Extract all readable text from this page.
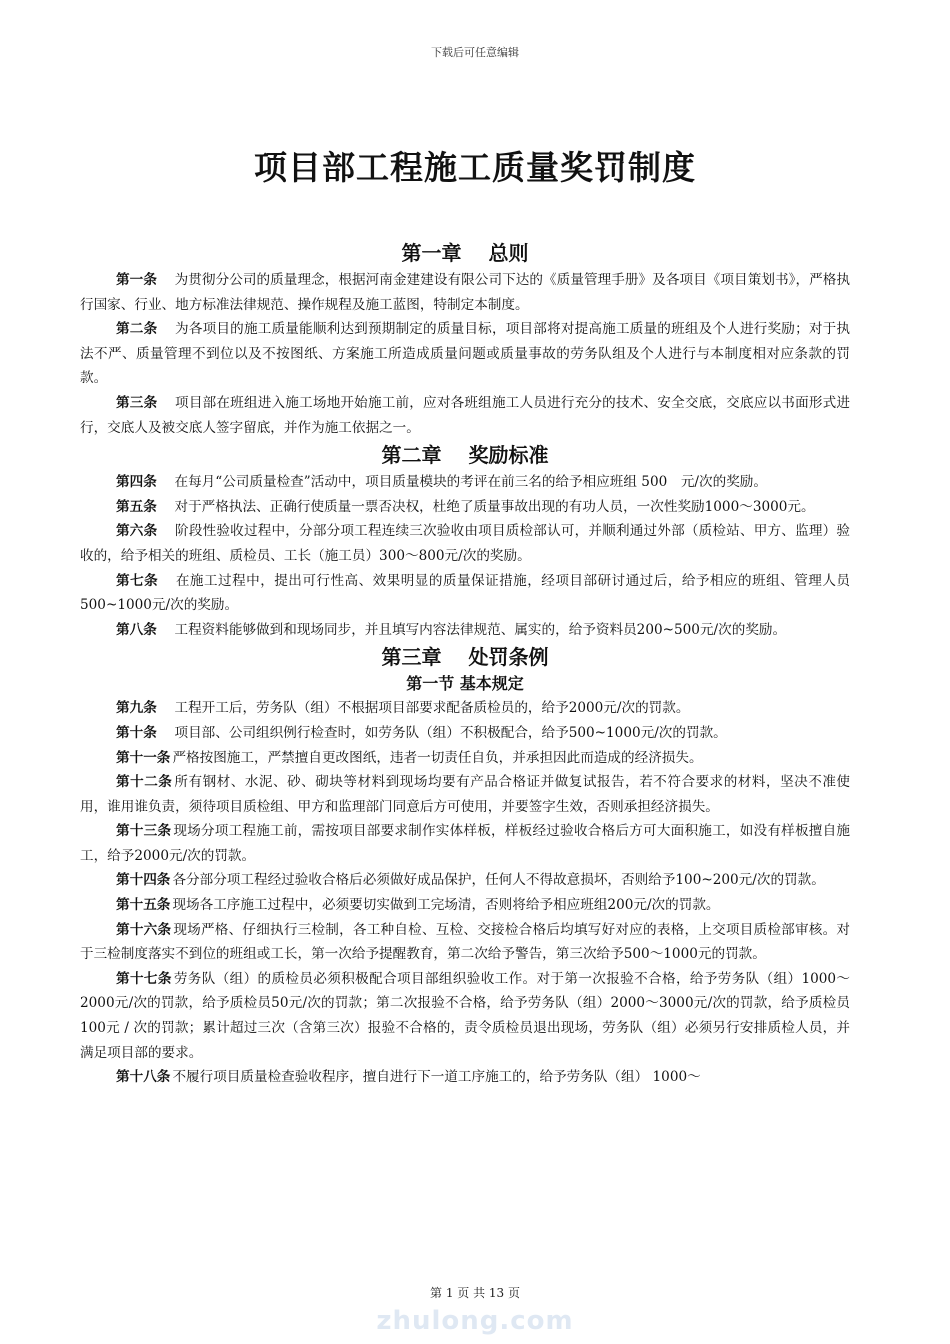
下载后可任意编辑
项目部工程施工质量奖罚制度
第一章　 总则

第一条 为贯彻分公司的质量理念，根据河南金建建设有限公司下达的《质量管理手册》及各项目《项目策划书》，严格执行国家、行业、地方标准法律规范、操作规程及施工蓝图，特制定本制度。

第二条 为各项目的施工质量能顺利达到预期制定的质量目标，项目部将对提高施工质量的班组及个人进行奖励；对于执法不严、质量管理不到位以及不按图纸、方案施工所造成质量问题或质量事故的劳务队组及个人进行与本制度相对应条款的罚款。

第三条 项目部在班组进入施工场地开始施工前，应对各班组施工人员进行充分的技术、安全交底，交底应以书面形式进行，交底人及被交底人签字留底，并作为施工依据之一。

第二章　 奖励标准

第四条 在每月“公司质量检查”活动中，项目质量模块的考评在前三名的给予相应班组 500　元/次的奖励。

第五条 对于严格执法、正确行使质量一票否决权，杜绝了质量事故出现的有功人员，一次性奖励1000～3000元。

第六条 阶段性验收过程中，分部分项工程连续三次验收由项目质检部认可，并顺利通过外部（质检站、甲方、监理）验收的，给予相关的班组、质检员、工长（施工员）300～800元/次的奖励。

第七条 在施工过程中，提出可行性高、效果明显的质量保证措施，经项目部研讨通过后，给予相应的班组、管理人员500~1000元/次的奖励。

第八条 工程资料能够做到和现场同步，并且填写内容法律规范、属实的，给予资料员200~500元/次的奖励。

第三章　 处罚条例
第一节 基本规定

第九条 工程开工后，劳务队（组）不根据项目部要求配备质检员的，给予2000元/次的罚款。

第十条 项目部、公司组织例行检查时，如劳务队（组）不积极配合，给予500~1000元/次的罚款。

第十一条 严格按图施工，严禁擅自更改图纸，违者一切责任自负，并承担因此而造成的经济损失。

第十二条 所有钢材、水泥、砂、砌块等材料到现场均要有产品合格证并做复试报告，若不符合要求的材料，坚决不准使用，谁用谁负责，须待项目质检组、甲方和监理部门同意后方可使用，并要签字生效，否则承担经济损失。

第十三条 现场分项工程施工前，需按项目部要求制作实体样板，样板经过验收合格后方可大面积施工，如没有样板擅自施工，给予2000元/次的罚款。

第十四条 各分部分项工程经过验收合格后必须做好成品保护，任何人不得故意损坏，否则给予100~200元/次的罚款。

第十五条 现场各工序施工过程中，必须要切实做到工完场清，否则将给予相应班组200元/次的罚款。

第十六条 现场严格、仔细执行三检制，各工种自检、互检、交接检合格后均填写好对应的表格，上交项目质检部审核。对于三检制度落实不到位的班组或工长，第一次给予提醒教育，第二次给予警告，第三次给予500～1000元的罚款。

第十七条 劳务队（组）的质检员必须积极配合项目部组织验收工作。对于第一次报验不合格，给予劳务队（组）1000～2000元/次的罚款，给予质检员50元/次的罚款；第二次报验不合格，给予劳务队（组）2000～3000元/次的罚款，给予质检员100元 / 次的罚款；累计超过三次（含第三次）报验不合格的，责令质检员退出现场，劳务队（组）必须另行安排质检人员，并满足项目部的要求。

第十八条 不履行项目质量检查验收程序，擅自进行下一道工序施工的，给予劳务队（组） 1000～

第 1 页 共 13 页
zhulong.com
